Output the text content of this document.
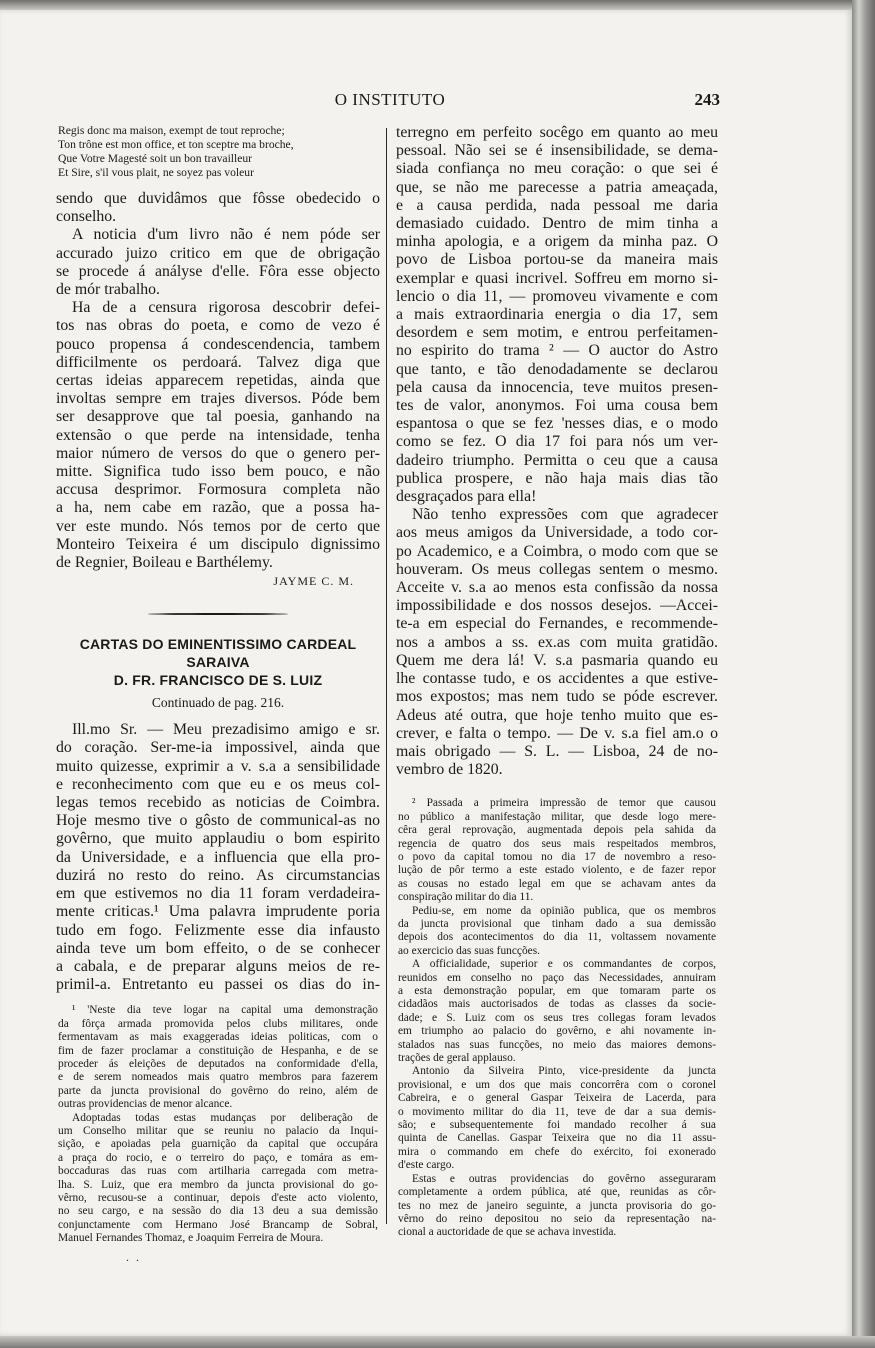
O INSTITUTO	243
Regis donc ma maison, exempt de tout reproche;
Ton trône est mon office, et ton sceptre ma broche,
Que Votre Magesté soit un bon travailleur
Et Sire, s'il vous plait, ne soyez pas voleur
sendo que duvidâmos que fôsse obedecido o
conselho.
A noticia d'um livro não é nem póde ser
accurado juizo critico em que de obrigação
se procede á anályse d'elle. Fôra esse objecto
de mór trabalho.
Ha de a censura rigorosa descobrir defei-
tos nas obras do poeta, e como de vezo é
pouco propensa á condescendencia, tambem
difficilmente os perdoará. Talvez diga que
certas ideias apparecem repetidas, ainda que
involtas sempre em trajes diversos. Póde bem
ser desapprove que tal poesia, ganhando na
extensão o que perde na intensidade, tenha
maior número de versos do que o genero per-
mitte. Significa tudo isso bem pouco, e não
accusa desprimor. Formosura completa não
a ha, nem cabe em razão, que a possa ha-
ver este mundo. Nós temos por de certo que
Monteiro Teixeira é um discipulo dignissimo
de Regnier, Boileau e Barthélemy.
JAYME C. M.
CARTAS DO EMINENTISSIMO CARDEAL SARAIVA
D. FR. FRANCISCO DE S. LUIZ
Continuado de pag. 216.
Ill.mo Sr. — Meu prezadisimo amigo e sr.
do coração. Ser-me-ia impossivel, ainda que
muito quizesse, exprimir a v. s.a a sensibilidade
e reconhecimento com que eu e os meus col-
legas temos recebido as noticias de Coimbra.
Hoje mesmo tive o gôsto de communical-as no
govêrno, que muito applaudiu o bom espirito
da Universidade, e a influencia que ella pro-
duzirá no resto do reino. As circumstancias
em que estivemos no dia 11 foram verdadeira-
mente criticas.¹ Uma palavra imprudente poria
tudo em fogo. Felizmente esse dia infausto
ainda teve um bom effeito, o de se conhecer
a cabala, e de preparar alguns meios de re-
primil-a. Entretanto eu passei os dias do in-
¹ 'Neste dia teve logar na capital uma demonstração
da fôrça armada promovida pelos clubs militares, onde
fermentavam as mais exaggeradas ideias politicas, com o
fim de fazer proclamar a constituição de Hespanha, e de se
proceder ás eleições de deputados na conformidade d'ella,
e de serem nomeados mais quatro membros para fazerem
parte da juncta provisional do govêrno do reino, além de
outras providencias de menor alcance.
Adoptadas todas estas mudanças por deliberação de
um Conselho militar que se reuniu no palacio da Inqui-
sição, e apoiadas pela guarnição da capital que occupára
a praça do rocio, e o terreiro do paço, e tomára as em-
boccaduras das ruas com artilharia carregada com metra-
lha. S. Luiz, que era membro da juncta provisional do go-
vêrno, recusou-se a continuar, depois d'este acto violento,
no seu cargo, e na sessão do dia 13 deu a sua demissão
conjunctamente com Hermano José Brancamp de Sobral,
Manuel Fernandes Thomaz, e Joaquim Ferreira de Moura.
. .
terregno em perfeito socêgo em quanto ao meu
pessoal. Não sei se é insensibilidade, se dema-
siada confiança no meu coração: o que sei é
que, se não me parecesse a patria ameaçada,
e a causa perdida, nada pessoal me daria
demasiado cuidado. Dentro de mim tinha a
minha apologia, e a origem da minha paz. O
povo de Lisboa portou-se da maneira mais
exemplar e quasi incrivel. Soffreu em morno si-
lencio o dia 11, — promoveu vivamente e com
a mais extraordinaria energia o dia 17, sem
desordem e sem motim, e entrou perfeitamen-
no espirito do trama ² — O auctor do Astro
que tanto, e tão denodadamente se declarou
pela causa da innocencia, teve muitos presen-
tes de valor, anonymos. Foi uma cousa bem
espantosa o que se fez 'nesses dias, e o modo
como se fez. O dia 17 foi para nós um ver-
dadeiro triumpho. Permitta o ceu que a causa
publica prospere, e não haja mais dias tão
desgraçados para ella!
Não tenho expressões com que agradecer
aos meus amigos da Universidade, a todo cor-
po Academico, e a Coimbra, o modo com que se
houveram. Os meus collegas sentem o mesmo.
Acceite v. s.a ao menos esta confissão da nossa
impossibilidade e dos nossos desejos. —Accei-
te-a em especial do Fernandes, e recommende-
nos a ambos a ss. ex.as com muita gratidão.
Quem me dera lá! V. s.a pasmaria quando eu
lhe contasse tudo, e os accidentes a que estive-
mos expostos; mas nem tudo se póde escrever.
Adeus até outra, que hoje tenho muito que es-
crever, e falta o tempo. — De v. s.a fiel am.o o
mais obrigado — S. L. — Lisboa, 24 de no-
vembro de 1820.
² Passada a primeira impressão de temor que causou
no público a manifestação militar, que desde logo mere-
cêra geral reprovação, augmentada depois pela sahida da
regencia de quatro dos seus mais respeitados membros,
o povo da capital tomou no dia 17 de novembro a reso-
lução de pôr termo a este estado violento, e de fazer repor
as cousas no estado legal em que se achavam antes da
conspiração militar do dia 11.
Pediu-se, em nome da opinião publica, que os membros
da juncta provisional que tinham dado a sua demissão
depois dos acontecimentos do dia 11, voltassem novamente
ao exercicio das suas funcções.
A officialidade, superior e os commandantes de corpos,
reunidos em conselho no paço das Necessidades, annuiram
a esta demonstração popular, em que tomaram parte os
cidadãos mais auctorisados de todas as classes da socie-
dade; e S. Luiz com os seus tres collegas foram levados
em triumpho ao palacio do govêrno, e ahi novamente in-
stalados nas suas funcções, no meio das maiores demons-
trações de geral applauso.
Antonio da Silveira Pinto, vice-presidente da juncta
provisional, e um dos que mais concorrêra com o coronel
Cabreira, e o general Gaspar Teixeira de Lacerda, para
o movimento militar do dia 11, teve de dar a sua demis-
são; e subsequentemente foi mandado recolher á sua
quinta de Canellas. Gaspar Teixeira que no dia 11 assu-
mira o commando em chefe do exército, foi exonerado
d'este cargo.
Estas e outras providencias do govêrno asseguraram
completamente a ordem pública, até que, reunidas as côr-
tes no mez de janeiro seguinte, a juncta provisoria do go-
vêrno do reino depositou no seio da representação na-
cional a auctoridade de que se achava investida.
